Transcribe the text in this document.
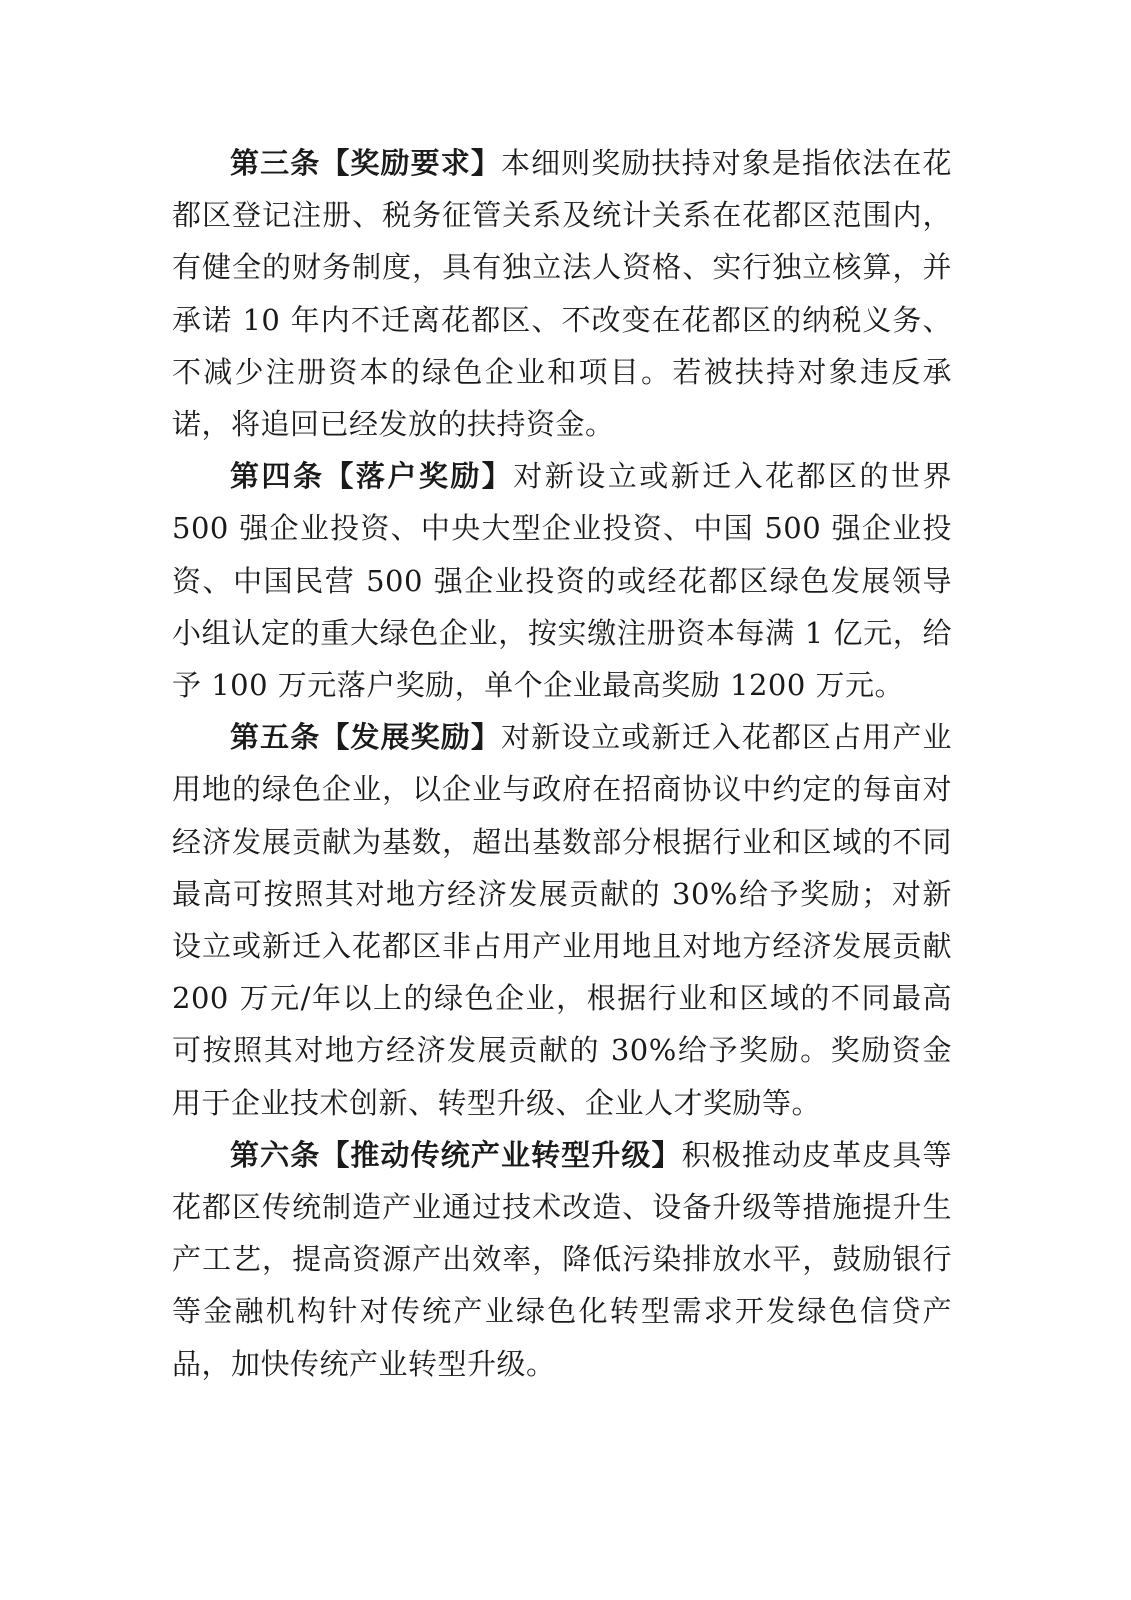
第三条【奖励要求】本细则奖励扶持对象是指依法在花都区登记注册、税务征管关系及统计关系在花都区范围内，有健全的财务制度，具有独立法人资格、实行独立核算，并承诺 10 年内不迁离花都区、不改变在花都区的纳税义务、不减少注册资本的绿色企业和项目。若被扶持对象违反承诺，将追回已经发放的扶持资金。

第四条【落户奖励】对新设立或新迁入花都区的世界 500 强企业投资、中央大型企业投资、中国 500 强企业投资、中国民营 500 强企业投资的或经花都区绿色发展领导小组认定的重大绿色企业，按实缴注册资本每满 1 亿元，给予 100 万元落户奖励，单个企业最高奖励 1200 万元。

第五条【发展奖励】对新设立或新迁入花都区占用产业用地的绿色企业，以企业与政府在招商协议中约定的每亩对经济发展贡献为基数，超出基数部分根据行业和区域的不同最高可按照其对地方经济发展贡献的 30%给予奖励；对新设立或新迁入花都区非占用产业用地且对地方经济发展贡献 200 万元/年以上的绿色企业，根据行业和区域的不同最高可按照其对地方经济发展贡献的 30%给予奖励。奖励资金用于企业技术创新、转型升级、企业人才奖励等。

第六条【推动传统产业转型升级】积极推动皮革皮具等花都区传统制造产业通过技术改造、设备升级等措施提升生产工艺，提高资源产出效率，降低污染排放水平，鼓励银行等金融机构针对传统产业绿色化转型需求开发绿色信贷产品，加快传统产业转型升级。
